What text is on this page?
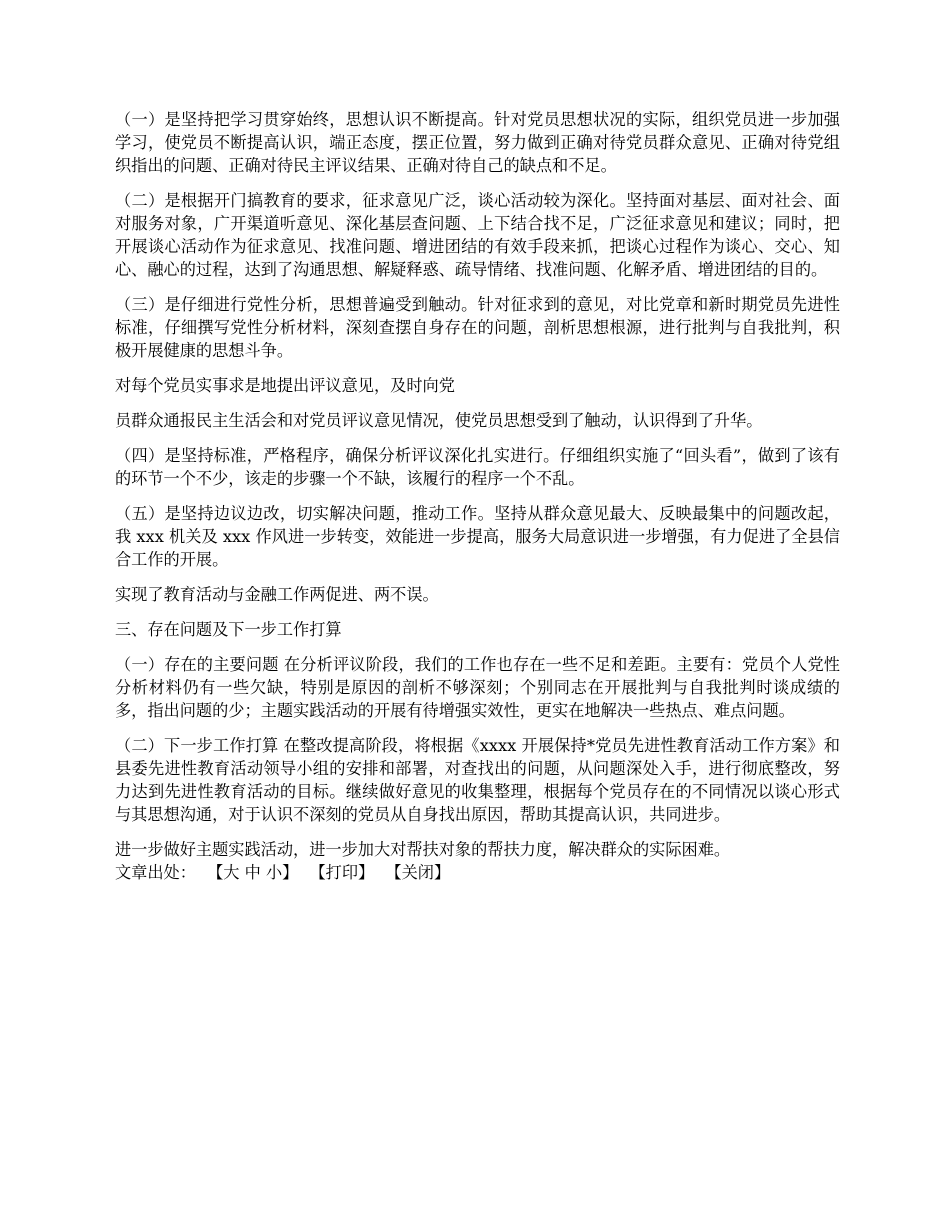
（一）是坚持把学习贯穿始终，思想认识不断提高。针对党员思想状况的实际，组织党员进一步加强学习，使党员不断提高认识，端正态度，摆正位置，努力做到正确对待党员群众意见、正确对待党组织指出的问题、正确对待民主评议结果、正确对待自己的缺点和不足。

（二）是根据开门搞教育的要求，征求意见广泛，谈心活动较为深化。坚持面对基层、面对社会、面对服务对象，广开渠道听意见、深化基层查问题、上下结合找不足，广泛征求意见和建议；同时，把开展谈心活动作为征求意见、找准问题、增进团结的有效手段来抓，把谈心过程作为谈心、交心、知心、融心的过程，达到了沟通思想、解疑释惑、疏导情绪、找准问题、化解矛盾、增进团结的目的。

（三）是仔细进行党性分析，思想普遍受到触动。针对征求到的意见，对比党章和新时期党员先进性标准，仔细撰写党性分析材料，深刻查摆自身存在的问题，剖析思想根源，进行批判与自我批判，积极开展健康的思想斗争。

对每个党员实事求是地提出评议意见，及时向党

员群众通报民主生活会和对党员评议意见情况，使党员思想受到了触动，认识得到了升华。

（四）是坚持标准，严格程序，确保分析评议深化扎实进行。仔细组织实施了“回头看”，做到了该有的环节一个不少，该走的步骤一个不缺，该履行的程序一个不乱。

（五）是坚持边议边改，切实解决问题，推动工作。坚持从群众意见最大、反映最集中的问题改起，我 xxx 机关及 xxx 作风进一步转变，效能进一步提高，服务大局意识进一步增强，有力促进了全县信合工作的开展。

实现了教育活动与金融工作两促进、两不误。

三、存在问题及下一步工作打算

（一）存在的主要问题 在分析评议阶段，我们的工作也存在一些不足和差距。主要有：党员个人党性分析材料仍有一些欠缺，特别是原因的剖析不够深刻；个别同志在开展批判与自我批判时谈成绩的多，指出问题的少；主题实践活动的开展有待增强实效性，更实在地解决一些热点、难点问题。

（二）下一步工作打算 在整改提高阶段，将根据《xxxx 开展保持*党员先进性教育活动工作方案》和县委先进性教育活动领导小组的安排和部署，对查找出的问题，从问题深处入手，进行彻底整改，努力达到先进性教育活动的目标。继续做好意见的收集整理，根据每个党员存在的不同情况以谈心形式与其思想沟通，对于认识不深刻的党员从自身找出原因，帮助其提高认识，共同进步。

进一步做好主题实践活动，进一步加大对帮扶对象的帮扶力度，解决群众的实际困难。

文章出处： 【大 中 小】 【打印】 【关闭】
